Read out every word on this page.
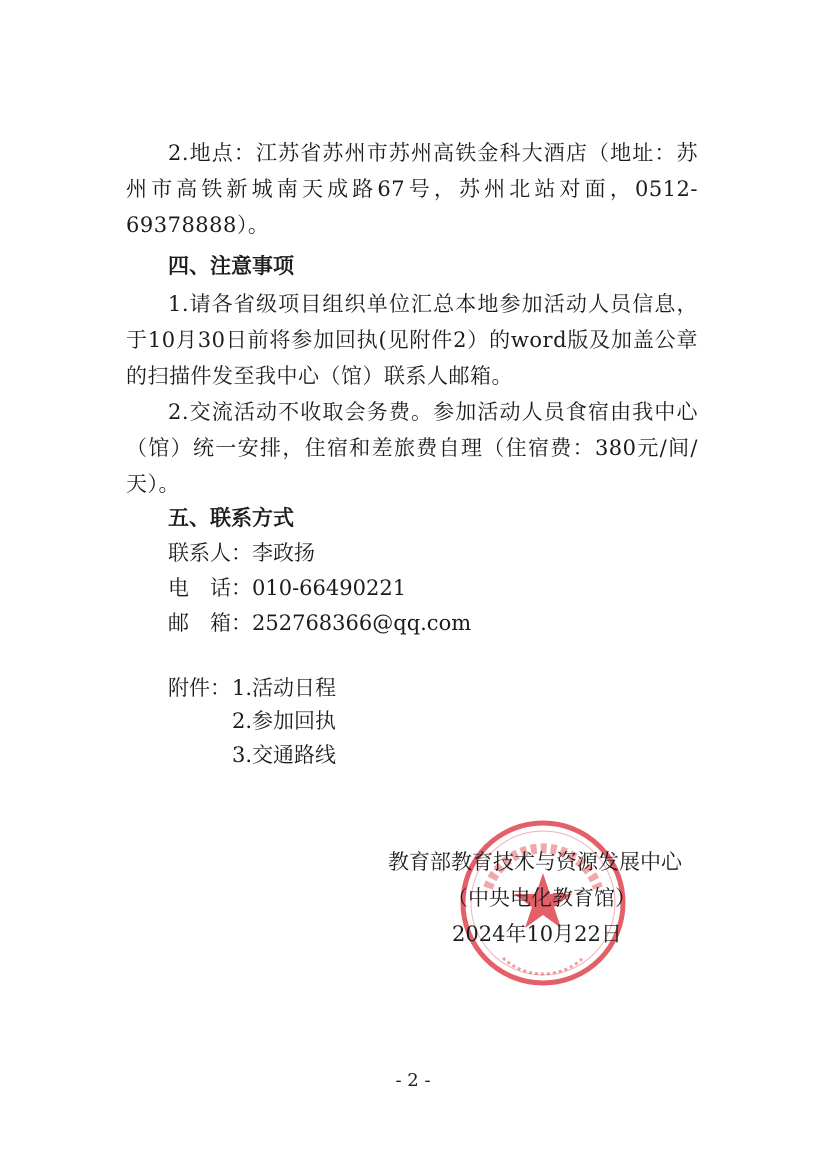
2.地点：江苏省苏州市苏州高铁金科大酒店（地址：苏州市高铁新城南天成路67号，苏州北站对面，0512-69378888）。
四、注意事项
1.请各省级项目组织单位汇总本地参加活动人员信息，于10月30日前将参加回执(见附件2）的word版及加盖公章的扫描件发至我中心（馆）联系人邮箱。
2.交流活动不收取会务费。参加活动人员食宿由我中心（馆）统一安排，住宿和差旅费自理（住宿费：380元/间/天）。
五、联系方式
联系人：李政扬
电　话：010-66490221
邮　箱：252768366@qq.com
附件： 1.活动日程
2.参加回执
3.交通路线
教育部教育技术与资源发展中心
（中央电化教育馆）
2024年10月22日
- 2 -
